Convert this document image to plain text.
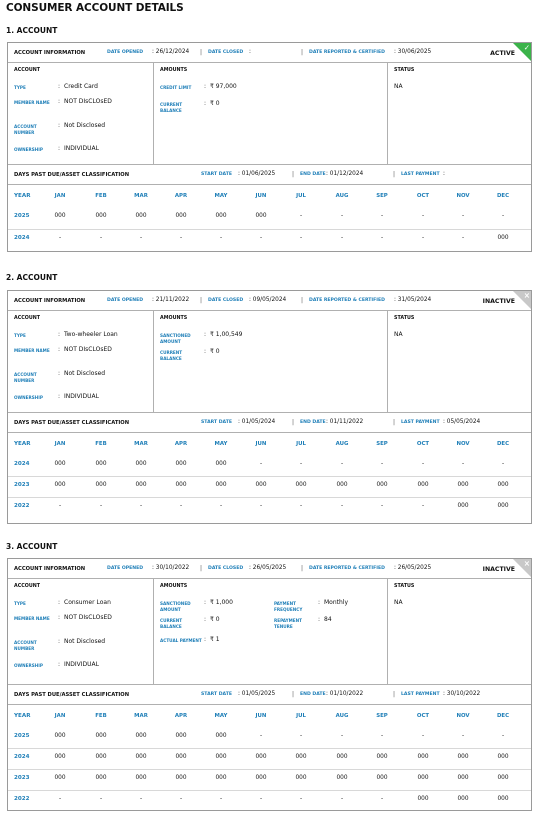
CONSUMER ACCOUNT DETAILS
1. ACCOUNT
ACCOUNT INFORMATION	DATE OPENED : 26/12/2024 | DATE CLOSED :	| DATE REPORTED & CERTIFIED : 30/06/2025	ACTIVE
✓
ACCOUNT
TYPE	: Credit Card
MEMBER NAME	: NOT DIsCLOsED
ACCOUNT NUMBER
: Not Disclosed
OWNERSHIP	: INDIVIDUAL
AMOUNTS
CREDIT LIMIT	: ₹ 97,000
CURRENT BALANCE
: ₹ 0
STATUS
NA
DAYS PAST DUE/ASSET CLASSIFICATION	START DATE : 01/06/2025	| END DATE : 01/12/2024	| LAST PAYMENT :
YEAR	JAN	FEB	MAR	APR	MAY	JUN	JUL	AUG	SEP	OCT	NOV	DEC
2025	000	000	000	000	000	000	-	-	-	-	-	-
2024	-	-	-	-	-	-	-	-	-	-	-	000
2. ACCOUNT
ACCOUNT INFORMATION	DATE OPENED : 21/11/2022 | DATE CLOSED : 09/05/2024 | DATE REPORTED & CERTIFIED : 31/05/2024	INACTIVE
×
ACCOUNT
TYPE	: Two-wheeler Loan
MEMBER NAME	: NOT DIsCLOsED
ACCOUNT NUMBER
: Not Disclosed
OWNERSHIP	: INDIVIDUAL
AMOUNTS
SANCTIONED AMOUNT
: ₹ 1,00,549
CURRENT BALANCE
: ₹ 0
STATUS
NA
DAYS PAST DUE/ASSET CLASSIFICATION	START DATE : 01/05/2024	| END DATE : 01/11/2022	| LAST PAYMENT : 05/05/2024
YEAR	JAN	FEB	MAR	APR	MAY	JUN	JUL	AUG	SEP	OCT	NOV	DEC
2024	000	000	000	000	000	-	-	-	-	-	-	-
2023	000	000	000	000	000	000	000	000	000	000	000	000
2022	-	-	-	-	-	-	-	-	-	-	000	000
3. ACCOUNT
ACCOUNT INFORMATION	DATE OPENED : 30/10/2022 | DATE CLOSED : 26/05/2025 | DATE REPORTED & CERTIFIED : 26/05/2025	INACTIVE
×
ACCOUNT
TYPE	: Consumer Loan
MEMBER NAME	: NOT DIsCLOsED
ACCOUNT NUMBER
: Not Disclosed
OWNERSHIP	: INDIVIDUAL
AMOUNTS
SANCTIONED AMOUNT
: ₹ 1,000
CURRENT BALANCE
: ₹ 0
ACTUAL PAYMENT : ₹ 1
PAYMENT FREQUENCY
: Monthly
REPAYMENT TENURE
: 84
STATUS
NA
DAYS PAST DUE/ASSET CLASSIFICATION	START DATE : 01/05/2025	| END DATE : 01/10/2022	| LAST PAYMENT : 30/10/2022
YEAR	JAN	FEB	MAR	APR	MAY	JUN	JUL	AUG	SEP	OCT	NOV	DEC
2025	000	000	000	000	000	-	-	-	-	-	-	-
2024	000	000	000	000	000	000	000	000	000	000	000	000
2023	000	000	000	000	000	000	000	000	000	000	000	000
2022	-	-	-	-	-	-	-	-	-	000	000	000
